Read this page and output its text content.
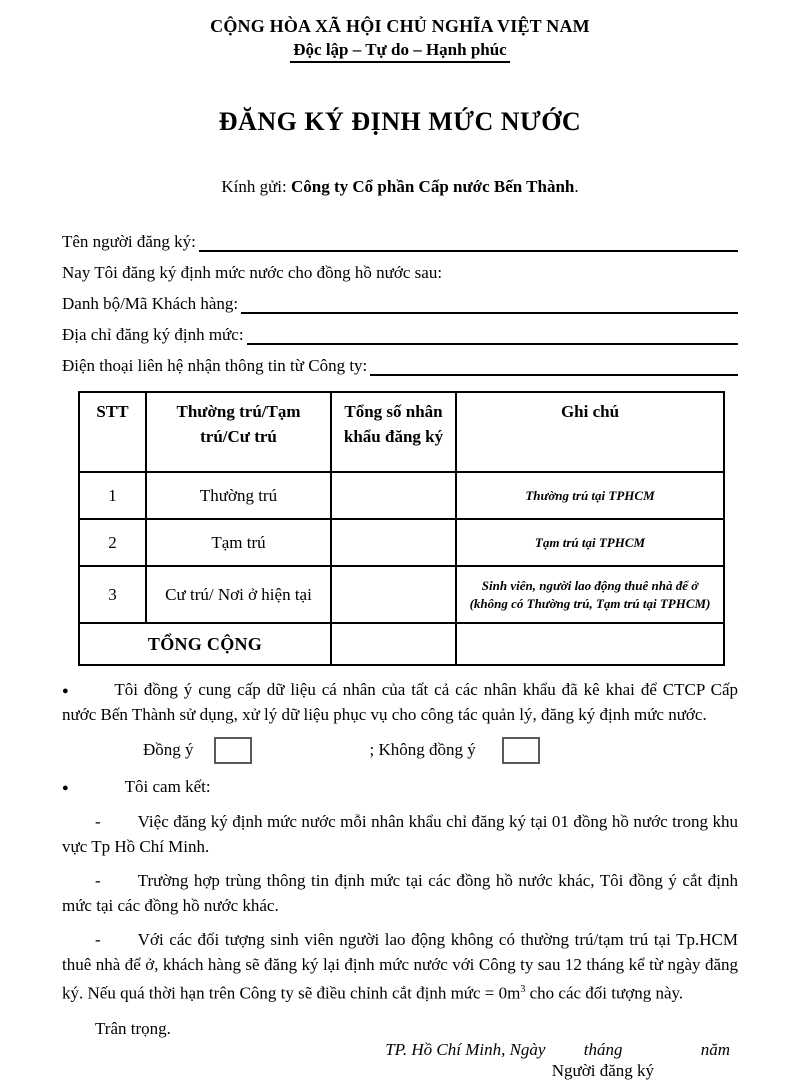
CỘNG HÒA XÃ HỘI CHỦ NGHĨA VIỆT NAM
Độc lập – Tự do – Hạnh phúc
ĐĂNG KÝ ĐỊNH MỨC NƯỚC
Kính gửi: Công ty Cổ phần Cấp nước Bến Thành.
Tên người đăng ký:
Nay Tôi đăng ký định mức nước cho đồng hồ nước sau:
Danh bộ/Mã Khách hàng:
Địa chỉ đăng ký định mức:
Điện thoại liên hệ nhận thông tin từ Công ty:
STT	Thường trú/Tạm trú/Cư trú	Tổng số nhân khẩu đăng ký	Ghi chú
1	Thường trú		Thường trú tại TPHCM
2	Tạm trú		Tạm trú tại TPHCM
3	Cư trú/ Nơi ở hiện tại		Sinh viên, người lao động thuê nhà để ở (không có Thường trú, Tạm trú tại TPHCM)
TỔNG CỘNG			

●	Tôi đồng ý cung cấp dữ liệu cá nhân của tất cả các nhân khẩu đã kê khai để CTCP Cấp nước Bến Thành sử dụng, xử lý dữ liệu phục vụ cho công tác quản lý, đăng ký định mức nước.

Đồng ý	; Không đồng ý

●	Tôi cam kết:

- Việc đăng ký định mức nước mỗi nhân khẩu chỉ đăng ký tại 01 đồng hồ nước trong khu vực Tp Hồ Chí Minh.

- Trường hợp trùng thông tin định mức tại các đồng hồ nước khác, Tôi đồng ý cắt định mức tại các đồng hồ nước khác.

- Với các đối tượng sinh viên người lao động không có thường trú/tạm trú tại Tp.HCM thuê nhà để ở, khách hàng sẽ đăng ký lại định mức nước với Công ty sau 12 tháng kể từ ngày đăng ký. Nếu quá thời hạn trên Công ty sẽ điều chỉnh cắt định mức = $0m^3$ cho các đối tượng này.

Trân trọng.
TP. Hồ Chí Minh, Ngày tháng	năm
Người đăng ký
